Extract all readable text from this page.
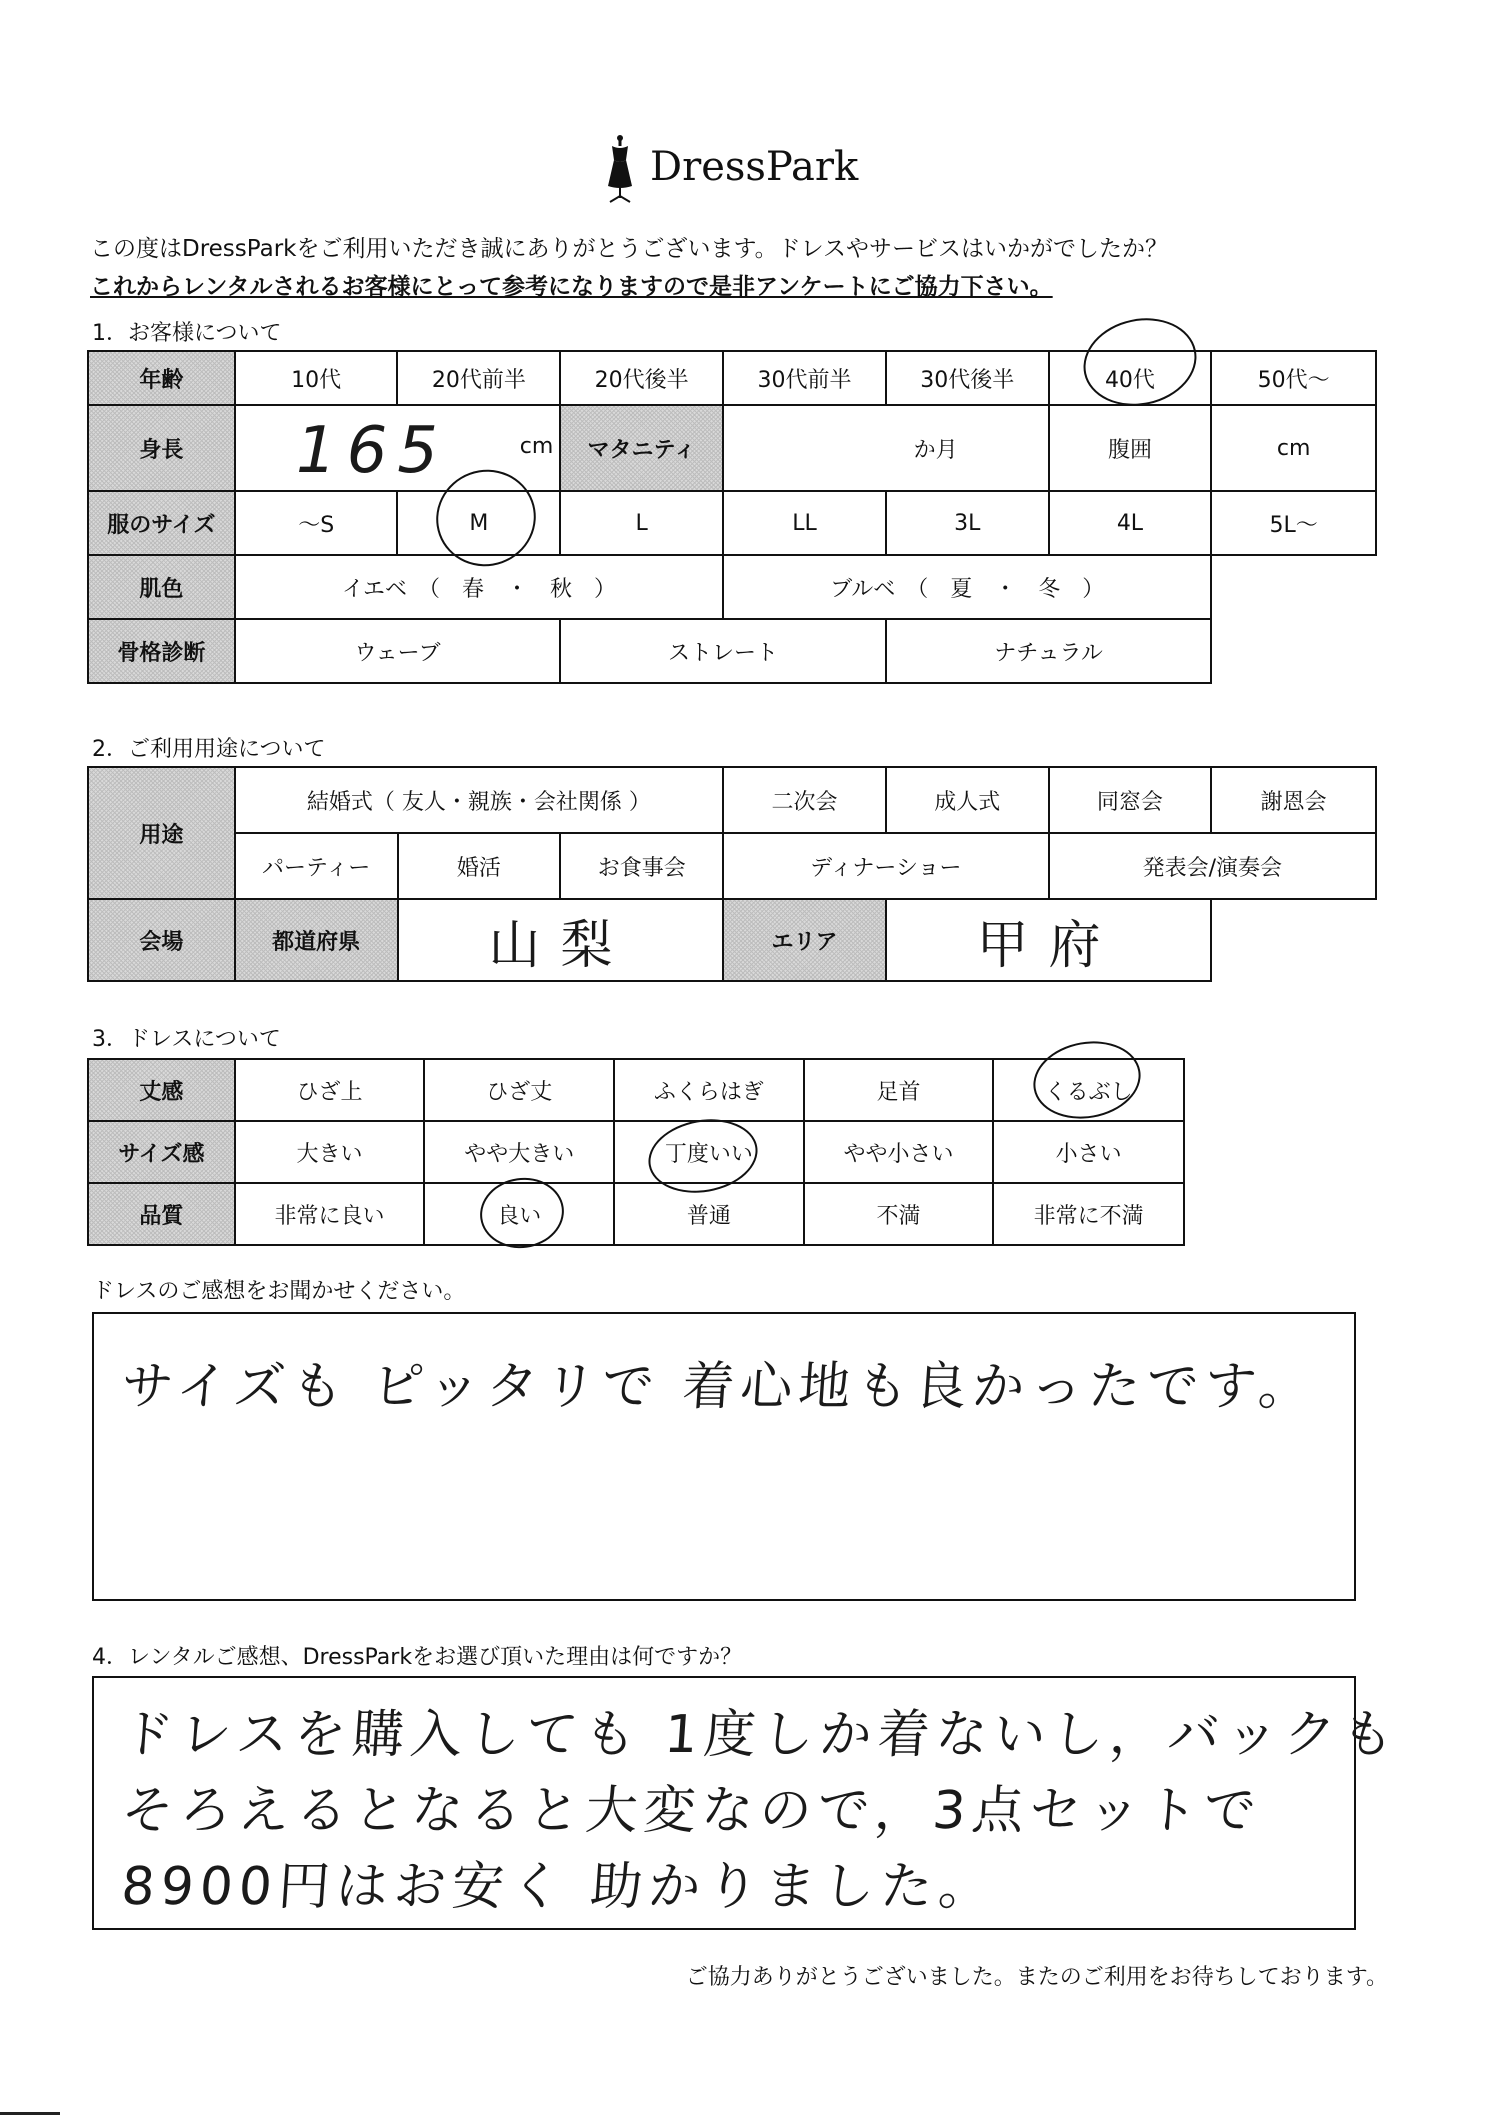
DressPark
この度はDressParkをご利用いただき誠にありがとうございます。ドレスやサービスはいかがでしたか？
これからレンタルされるお客様にとって参考になりますので是非アンケートにご協力下さい。
1．お客様について
年齢	10代	20代前半	20代後半	30代前半	30代後半	40代	50代〜
身長	165 cm		マタニティ	か月		腹囲	cm
服のサイズ	〜S	M	L	LL	3L	4L	5L〜
肌色	イエベ　（　春　・　秋　）			ブルベ　（　夏　・　冬　）			
骨格診断	ウェーブ		ストレート		ナチュラル		
2．ご利用用途について
用途	結婚式（ 友人・親族・会社関係 ）			二次会	成人式	同窓会	謝恩会
	パーティー	婚活	お食事会	ディナーショー		発表会/演奏会	
会場	都道府県	山梨		エリア	甲府		
3．ドレスについて
丈感	ひざ上	ひざ丈	ふくらはぎ	足首	くるぶし
サイズ感	大きい	やや大きい	丁度いい	やや小さい	小さい
品質	非常に良い	良い	普通	不満	非常に不満
ドレスのご感想をお聞かせください。
サイズも ピッタリで 着心地も良かったです。
4．レンタルご感想、DressParkをお選び頂いた理由は何ですか？
ドレスを購入しても 1度しか着ないし，バックも
そろえるとなると大変なので，3点セットで
8900円はお安く 助かりました。
ご協力ありがとうございました。またのご利用をお待ちしております。
